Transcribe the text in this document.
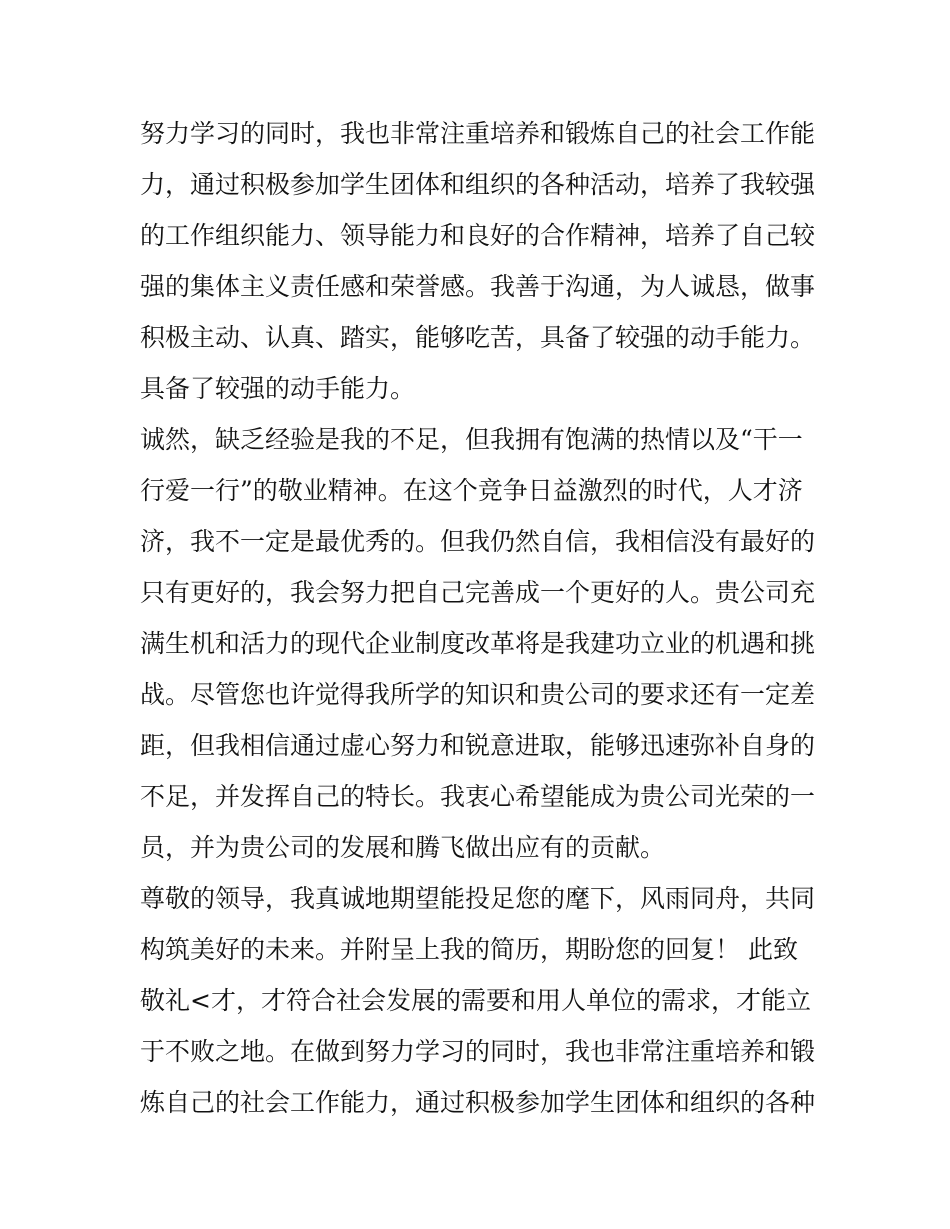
努力学习的同时，我也非常注重培养和锻炼自己的社会工作能
力，通过积极参加学生团体和组织的各种活动，培养了我较强
的工作组织能力、领导能力和良好的合作精神，培养了自己较
强的集体主义责任感和荣誉感。我善于沟通，为人诚恳，做事
积极主动、认真、踏实，能够吃苦，具备了较强的动手能力。
具备了较强的动手能力。
诚然，缺乏经验是我的不足，但我拥有饱满的热情以及“干一
行爱一行”的敬业精神。在这个竞争日益激烈的时代，人才济
济，我不一定是最优秀的。但我仍然自信，我相信没有最好的
只有更好的，我会努力把自己完善成一个更好的人。贵公司充
满生机和活力的现代企业制度改革将是我建功立业的机遇和挑
战。尽管您也许觉得我所学的知识和贵公司的要求还有一定差
距，但我相信通过虚心努力和锐意进取，能够迅速弥补自身的
不足，并发挥自己的特长。我衷心希望能成为贵公司光荣的一
员，并为贵公司的发展和腾飞做出应有的贡献。
尊敬的领导，我真诚地期望能投足您的麾下，风雨同舟，共同
构筑美好的未来。并附呈上我的简历，期盼您的回复！ 此致
敬礼<才，才符合社会发展的需要和用人单位的需求，才能立
于不败之地。在做到努力学习的同时，我也非常注重培养和锻
炼自己的社会工作能力，通过积极参加学生团体和组织的各种
